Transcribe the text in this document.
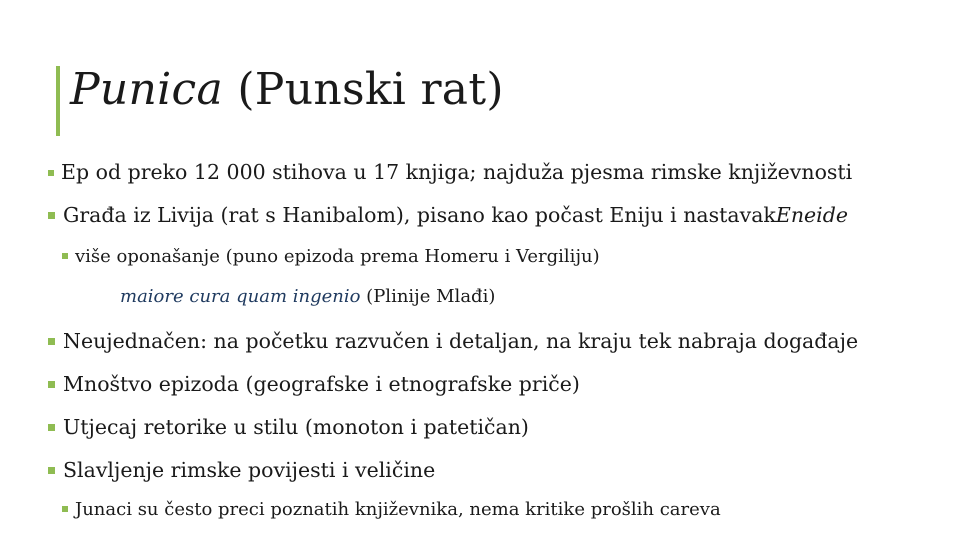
Punica (Punski rat)
Ep od preko 12 000 stihova u 17 knjiga; najduža pjesma rimske književnosti
Građa iz Livija (rat s Hanibalom), pisano kao počast Eniju i nastavak Eneide
više oponašanje (puno epizoda prema Homeru i Vergiliju)
maiore cura quam ingenio (Plinije Mlađi)
Neujednačen: na početku razvučen i detaljan, na kraju tek nabraja događaje
Mnoštvo epizoda (geografske i etnografske priče)
Utjecaj retorike u stilu (monoton i patetičan)
Slavljenje rimske povijesti i veličine
Junaci su često preci poznatih književnika, nema kritike prošlih careva
